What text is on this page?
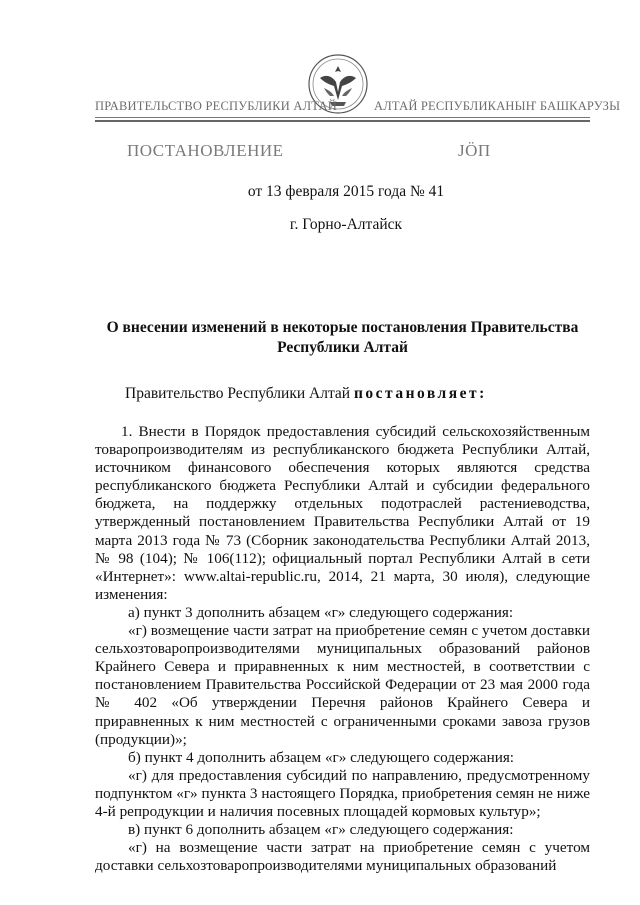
ПРАВИТЕЛЬСТВО РЕСПУБЛИКИ АЛТАЙ	АЛТАЙ РЕСПУБЛИКАНЫҤ БАШКАРУЗЫ
ПОСТАНОВЛЕНИЕ	ЈӦП
от 13 февраля 2015 года № 41
г. Горно-Алтайск
О внесении изменений в некоторые постановления Правительства
Республики Алтай
Правительство Республики Алтай постановляет:

1. Внести в Порядок предоставления субсидий сельскохозяйственным товаропроизводителям из республиканского бюджета Республики Алтай, источником финансового обеспечения которых являются средства республиканского бюджета Республики Алтай и субсидии федерального бюджета, на поддержку отдельных подотраслей растениеводства, утвержденный постановлением Правительства Республики Алтай от 19 марта 2013 года № 73 (Сборник законодательства Республики Алтай 2013, № 98 (104); № 106(112); официальный портал Республики Алтай в сети «Интернет»: www.altai-republic.ru, 2014, 21 марта, 30 июля), следующие изменения:

а) пункт 3 дополнить абзацем «г» следующего содержания:

«г) возмещение части затрат на приобретение семян с учетом доставки сельхозтоваропроизводителями муниципальных образований районов Крайнего Севера и приравненных к ним местностей, в соответствии с постановлением Правительства Российской Федерации от 23 мая 2000 года № 402 «Об утверждении Перечня районов Крайнего Севера и приравненных к ним местностей с ограниченными сроками завоза грузов (продукции)»;

б) пункт 4 дополнить абзацем «г» следующего содержания:

«г) для предоставления субсидий по направлению, предусмотренному подпунктом «г» пункта 3 настоящего Порядка, приобретения семян не ниже 4-й репродукции и наличия посевных площадей кормовых культур»;

в) пункт 6 дополнить абзацем «г» следующего содержания:

«г) на возмещение части затрат на приобретение семян с учетом доставки сельхозтоваропроизводителями муниципальных образований
